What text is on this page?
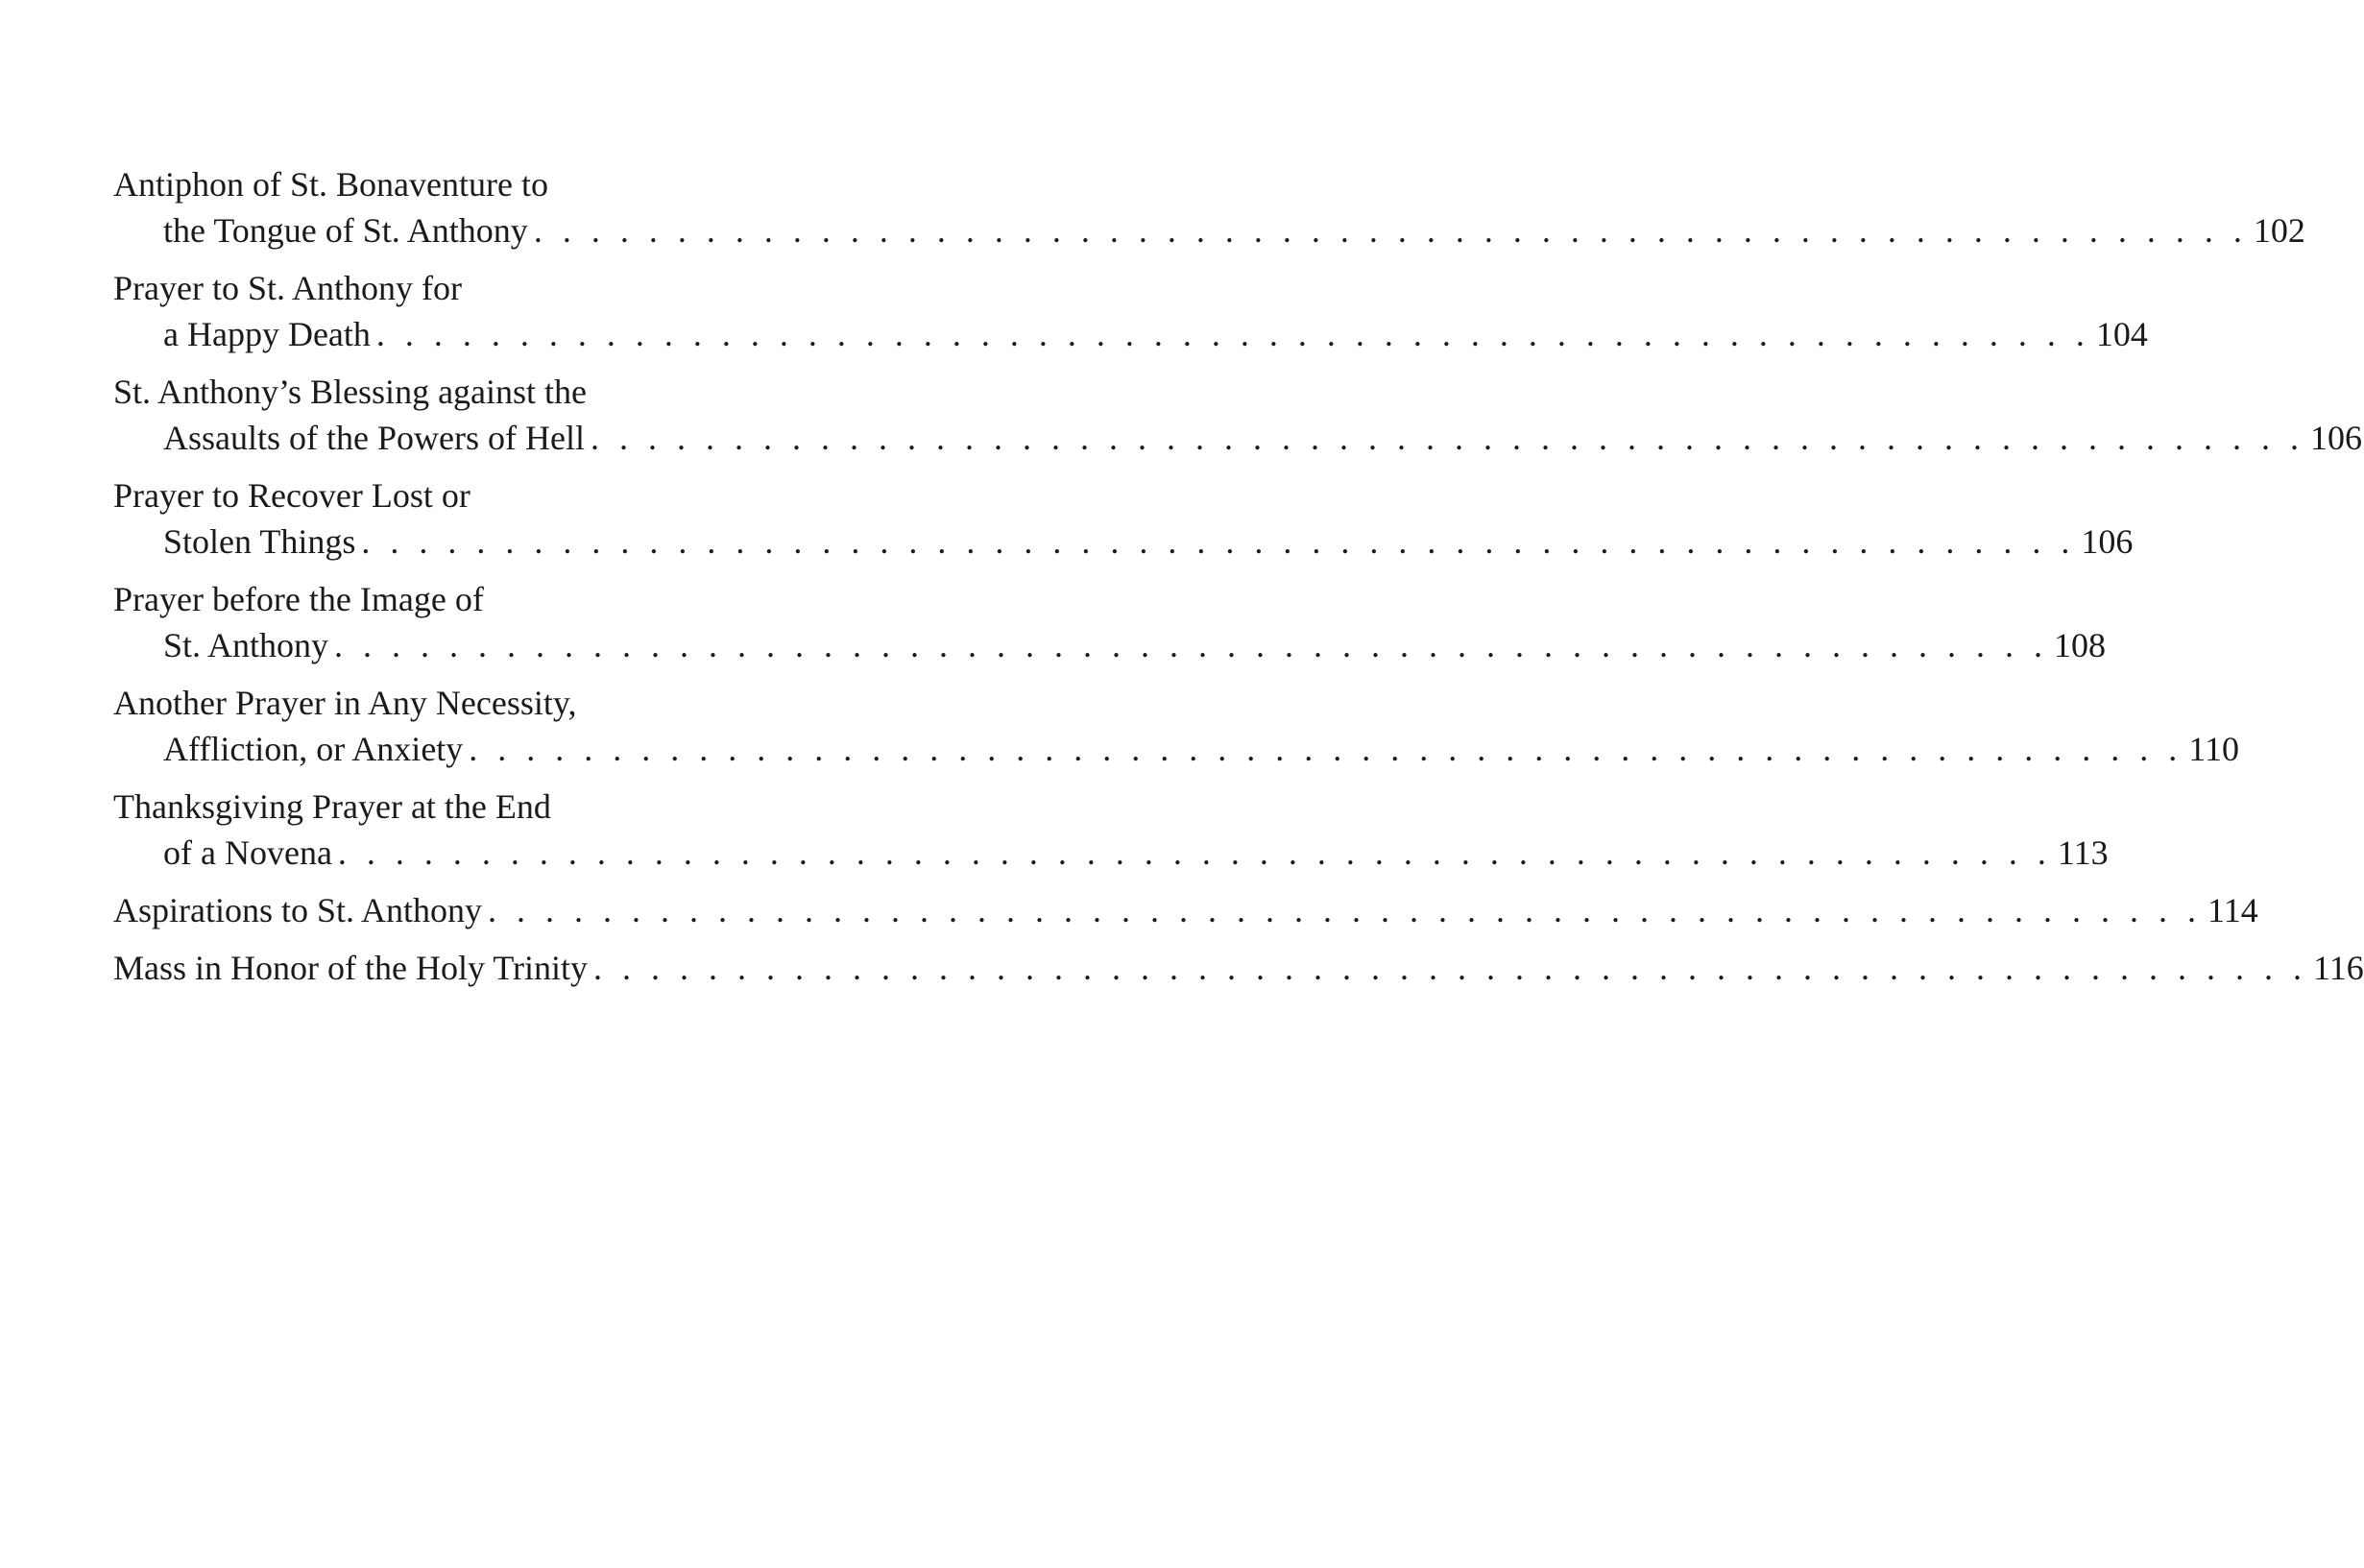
Antiphon of St. Bonaventure to
the Tongue of St. Anthony . . . . . . . . . . . . . . . . . . . . . . . . . . . . . . . . . . . . . . . . . . . . . . . . . . . . . . . . . . . . 102
Prayer to St. Anthony for
a Happy Death . . . . . . . . . . . . . . . . . . . . . . . . . . . . . . . . . . . . . . . . . . . . . . . . . . . . . . . . . . . . 104
St. Anthony’s Blessing against the
Assaults of the Powers of Hell . . . . . . . . . . . . . . . . . . . . . . . . . . . . . . . . . . . . . . . . . . . . . . . . . . . . . . . . . . . . 106
Prayer to Recover Lost or
Stolen Things . . . . . . . . . . . . . . . . . . . . . . . . . . . . . . . . . . . . . . . . . . . . . . . . . . . . . . . . . . . . 106
Prayer before the Image of
St. Anthony . . . . . . . . . . . . . . . . . . . . . . . . . . . . . . . . . . . . . . . . . . . . . . . . . . . . . . . . . . . . 108
Another Prayer in Any Necessity,
Affliction, or Anxiety . . . . . . . . . . . . . . . . . . . . . . . . . . . . . . . . . . . . . . . . . . . . . . . . . . . . . . . . . . . . 110
Thanksgiving Prayer at the End
of a Novena . . . . . . . . . . . . . . . . . . . . . . . . . . . . . . . . . . . . . . . . . . . . . . . . . . . . . . . . . . . . 113
Aspirations to St. Anthony . . . . . . . . . . . . . . . . . . . . . . . . . . . . . . . . . . . . . . . . . . . . . . . . . . . . . . . . . . . . 114
Mass in Honor of the Holy Trinity . . . . . . . . . . . . . . . . . . . . . . . . . . . . . . . . . . . . . . . . . . . . . . . . . . . . . . . . . . . . 116
